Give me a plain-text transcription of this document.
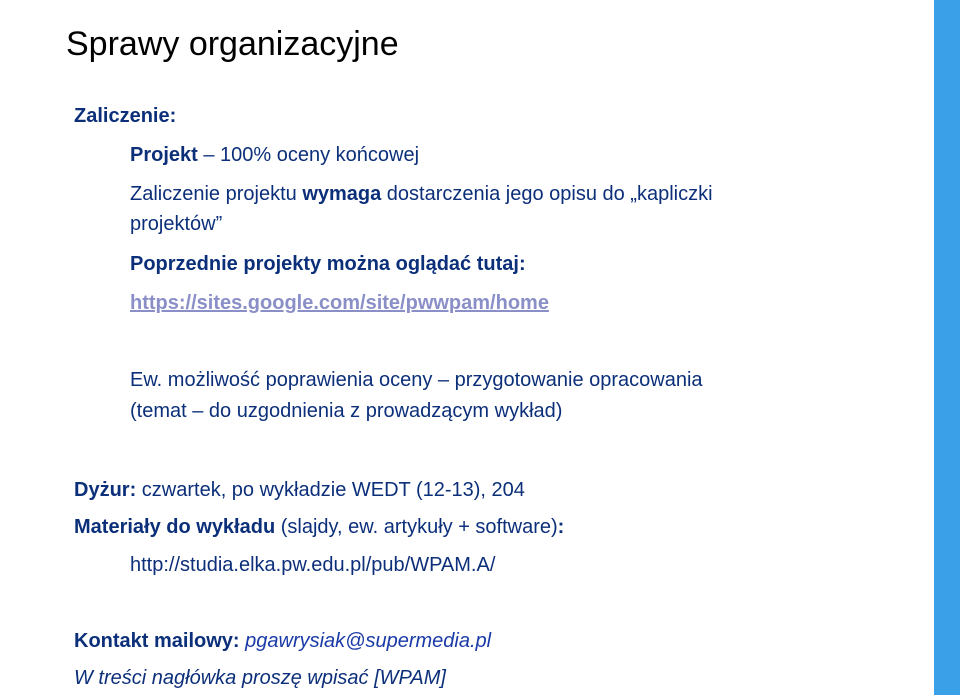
Sprawy organizacyjne

Zaliczenie:

Projekt – 100% oceny końcowej

Zaliczenie projektu wymaga dostarczenia jego opisu do „kapliczki

projektów”

Poprzednie projekty można oglądać tutaj:

https://sites.google.com/site/pwwpam/home

Ew. możliwość poprawienia oceny – przygotowanie opracowania

(temat – do uzgodnienia z prowadzącym wykład)

Dyżur: czwartek, po wykładzie WEDT (12-13), 204

Materiały do wykładu (slajdy, ew. artykuły + software):

http://studia.elka.pw.edu.pl/pub/WPAM.A/

Kontakt mailowy: pgawrysiak@supermedia.pl

W treści nagłówka proszę wpisać [WPAM]
